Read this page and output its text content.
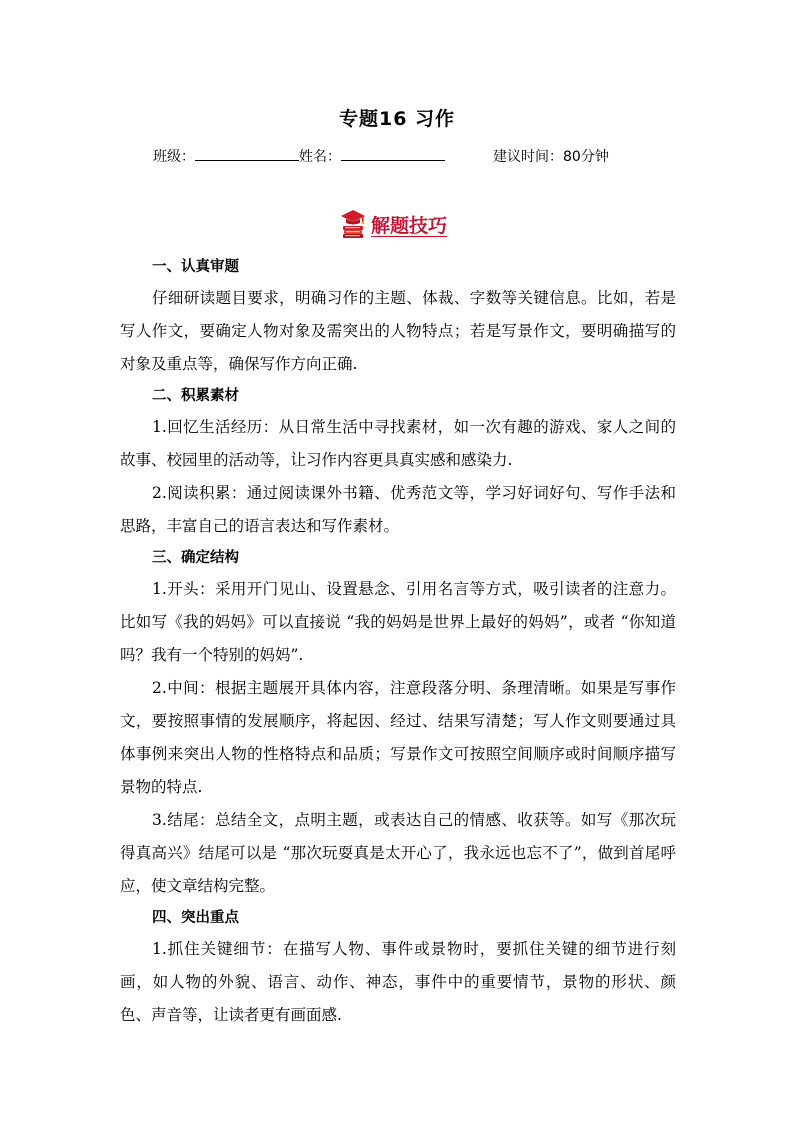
专题16 习作
班级：	姓名：	建议时间：80分钟
解题技巧

一、认真审题

仔细研读题目要求，明确习作的主题、体裁、字数等关键信息。比如，若是写人作文，要确定人物对象及需突出的人物特点；若是写景作文，要明确描写的对象及重点等，确保写作方向正确.

二、积累素材

1.回忆生活经历：从日常生活中寻找素材，如一次有趣的游戏、家人之间的故事、校园里的活动等，让习作内容更具真实感和感染力.

2.阅读积累：通过阅读课外书籍、优秀范文等，学习好词好句、写作手法和思路，丰富自己的语言表达和写作素材。

三、确定结构

1.开头：采用开门见山、设置悬念、引用名言等方式，吸引读者的注意力。比如写《我的妈妈》可以直接说 “我的妈妈是世界上最好的妈妈”，或者 “你知道吗？我有一个特别的妈妈”.

2.中间：根据主题展开具体内容，注意段落分明、条理清晰。如果是写事作文，要按照事情的发展顺序，将起因、经过、结果写清楚；写人作文则要通过具体事例来突出人物的性格特点和品质；写景作文可按照空间顺序或时间顺序描写景物的特点.

3.结尾：总结全文，点明主题，或表达自己的情感、收获等。如写《那次玩得真高兴》结尾可以是 “那次玩耍真是太开心了，我永远也忘不了”，做到首尾呼应，使文章结构完整。

四、突出重点

1.抓住关键细节：在描写人物、事件或景物时，要抓住关键的细节进行刻画，如人物的外貌、语言、动作、神态，事件中的重要情节，景物的形状、颜色、声音等，让读者更有画面感.
